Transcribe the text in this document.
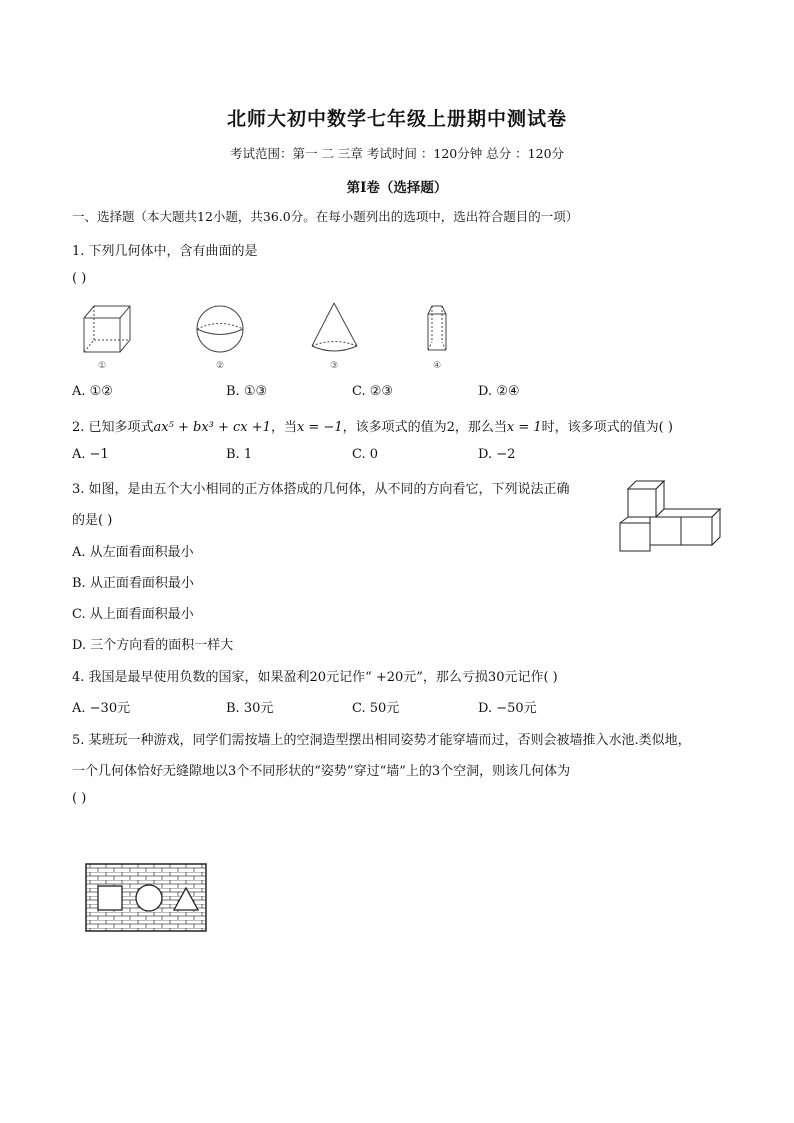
北师大初中数学七年级上册期中测试卷
考试范围：第一 二 三章 考试时间 ：120分钟 总分 ：120分
第Ⅰ卷（选择题）
一、选择题（本大题共12小题，共36.0分。在每小题列出的选项中，选出符合题目的一项）
1. 下列几何体中，含有曲面的是
( )
①	②	③	④
A. ①②	B. ①③	C. ②③	D. ②④
2. 已知多项式ax⁵ + bx³ + cx +1，当x = −1，该多项式的值为2，那么当x = 1时，该多项式的值为( )
A. −1	B. 1	C. 0	D. −2
3. 如图，是由五个大小相同的正方体搭成的几何体，从不同的方向看它，下列说法正确
的是( )
A. 从左面看面积最小
B. 从正面看面积最小
C. 从上面看面积最小
D. 三个方向看的面积一样大
4. 我国是最早使用负数的国家，如果盈利20元记作“ +20元”，那么亏损30元记作( )
A. −30元	B. 30元	C. 50元	D. −50元
5. 某班玩一种游戏，同学们需按墙上的空洞造型摆出相同姿势才能穿墙而过，否则会被墙推入水池.类似地，
一个几何体恰好无缝隙地以3个不同形状的“姿势”穿过“墙”上的3个空洞，则该几何体为
( )
